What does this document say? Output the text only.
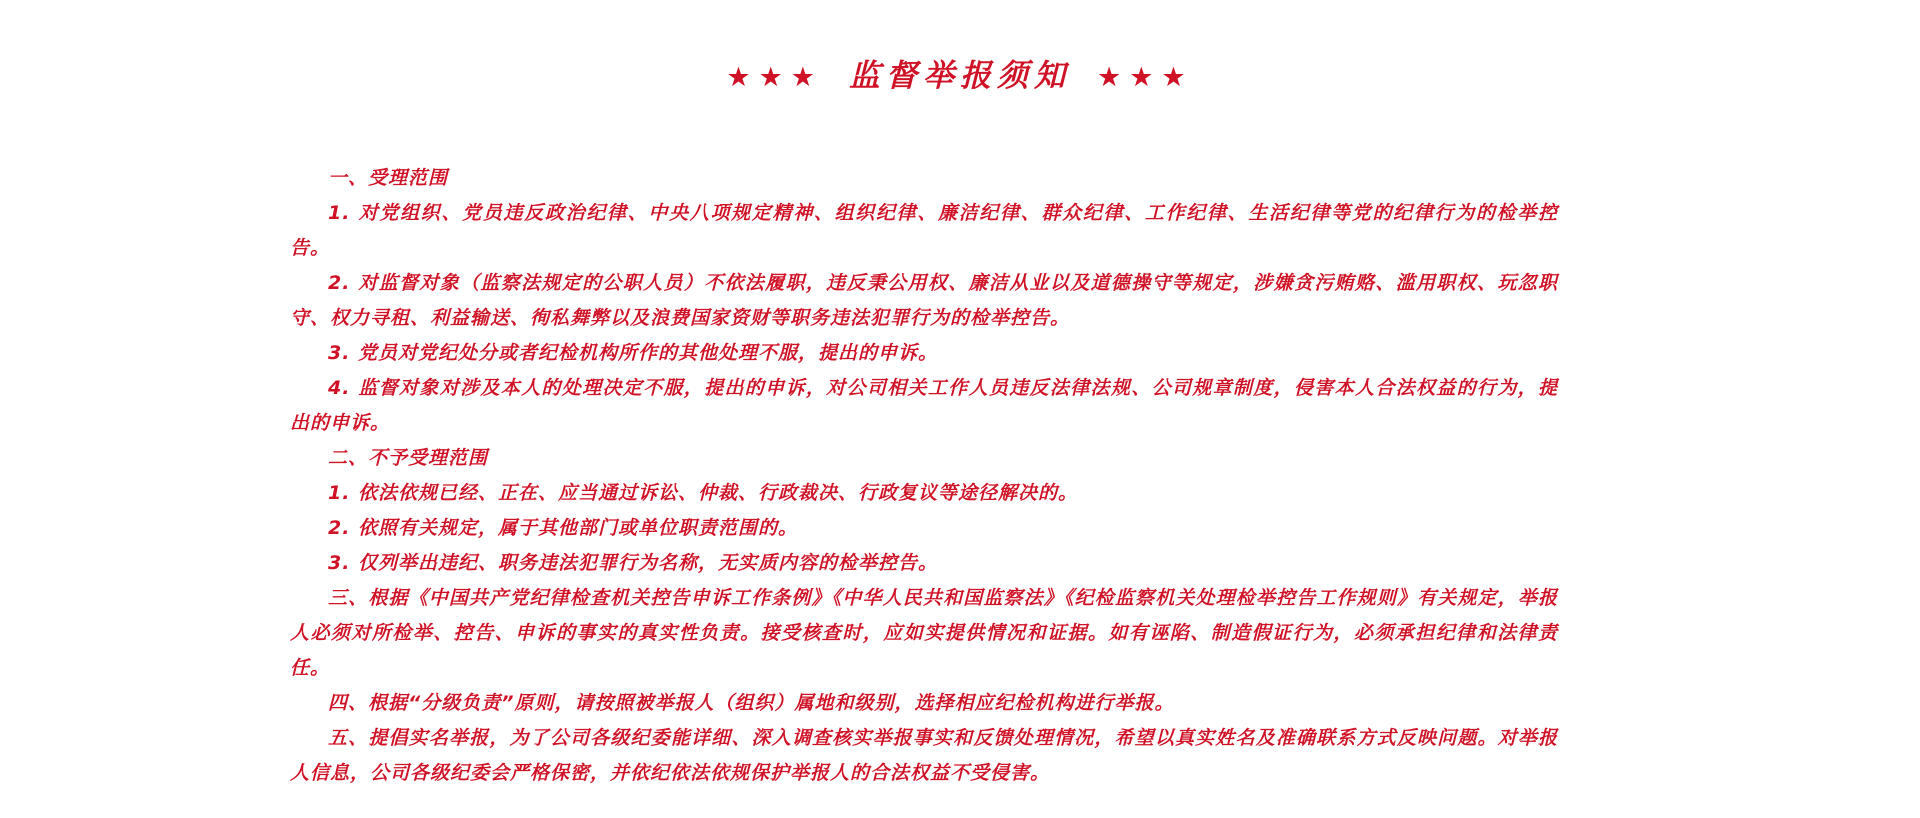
★★★ 监督举报须知 ★★★

一、受理范围

1. 对党组织、党员违反政治纪律、中央八项规定精神、组织纪律、廉洁纪律、群众纪律、工作纪律、生活纪律等党的纪律行为的检举控告。

2. 对监督对象（监察法规定的公职人员）不依法履职，违反秉公用权、廉洁从业以及道德操守等规定，涉嫌贪污贿赂、滥用职权、玩忽职守、权力寻租、利益输送、徇私舞弊以及浪费国家资财等职务违法犯罪行为的检举控告。

3. 党员对党纪处分或者纪检机构所作的其他处理不服，提出的申诉。

4. 监督对象对涉及本人的处理决定不服，提出的申诉，对公司相关工作人员违反法律法规、公司规章制度，侵害本人合法权益的行为，提出的申诉。

二、不予受理范围

1. 依法依规已经、正在、应当通过诉讼、仲裁、行政裁决、行政复议等途径解决的。

2. 依照有关规定，属于其他部门或单位职责范围的。

3. 仅列举出违纪、职务违法犯罪行为名称，无实质内容的检举控告。

三、根据《中国共产党纪律检查机关控告申诉工作条例》《中华人民共和国监察法》《纪检监察机关处理检举控告工作规则》有关规定，举报人必须对所检举、控告、申诉的事实的真实性负责。接受核查时，应如实提供情况和证据。如有诬陷、制造假证行为，必须承担纪律和法律责任。

四、根据“分级负责”原则，请按照被举报人（组织）属地和级别，选择相应纪检机构进行举报。

五、提倡实名举报，为了公司各级纪委能详细、深入调查核实举报事实和反馈处理情况，希望以真实姓名及准确联系方式反映问题。对举报人信息，公司各级纪委会严格保密，并依纪依法依规保护举报人的合法权益不受侵害。
